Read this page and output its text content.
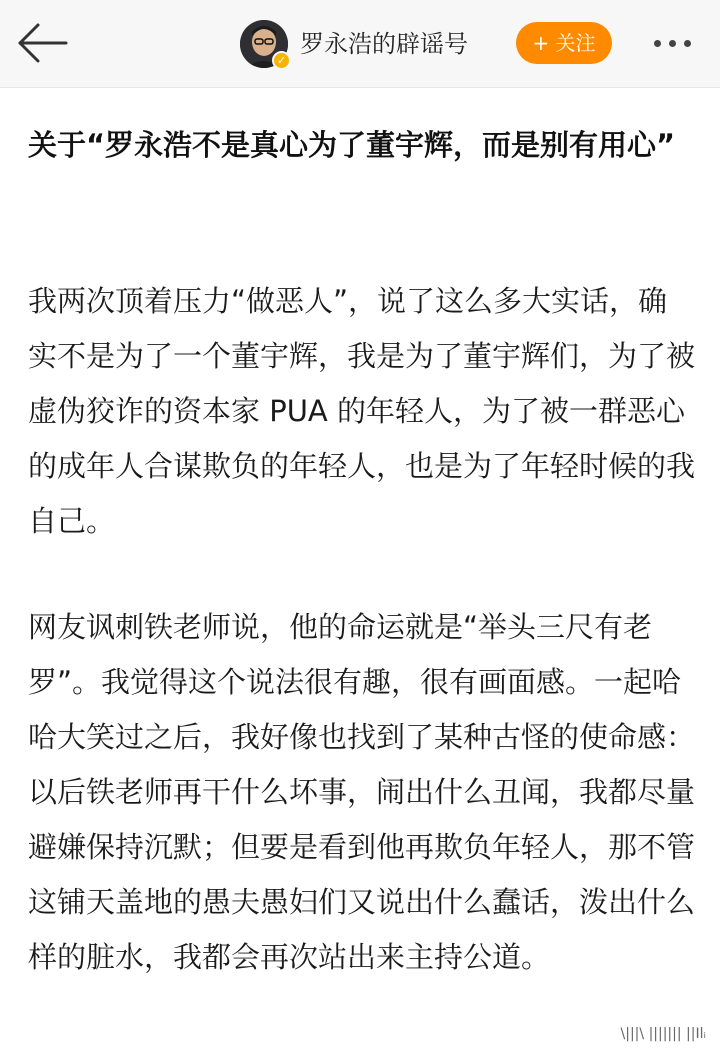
✓
罗永浩的辟谣号	+ 关注
关于“罗永浩不是真心为了董宇辉，而是别有用心”
我两次顶着压力“做恶人”，说了这么多大实话，确实不是为了一个董宇辉，我是为了董宇辉们，为了被虚伪狡诈的资本家 PUA 的年轻人，为了被一群恶心的成年人合谋欺负的年轻人，也是为了年轻时候的我自己。
网友讽刺铁老师说，他的命运就是“举头三尺有老罗”。我觉得这个说法很有趣，很有画面感。一起哈哈大笑过之后，我好像也找到了某种古怪的使命感：以后铁老师再干什么坏事，闹出什么丑闻，我都尽量避嫌保持沉默；但要是看到他再欺负年轻人，那不管这铺天盖地的愚夫愚妇们又说出什么蠢话，泼出什么样的脏水，我都会再次站出来主持公道。
\|||\ ||||||| ||Ilᵢ
